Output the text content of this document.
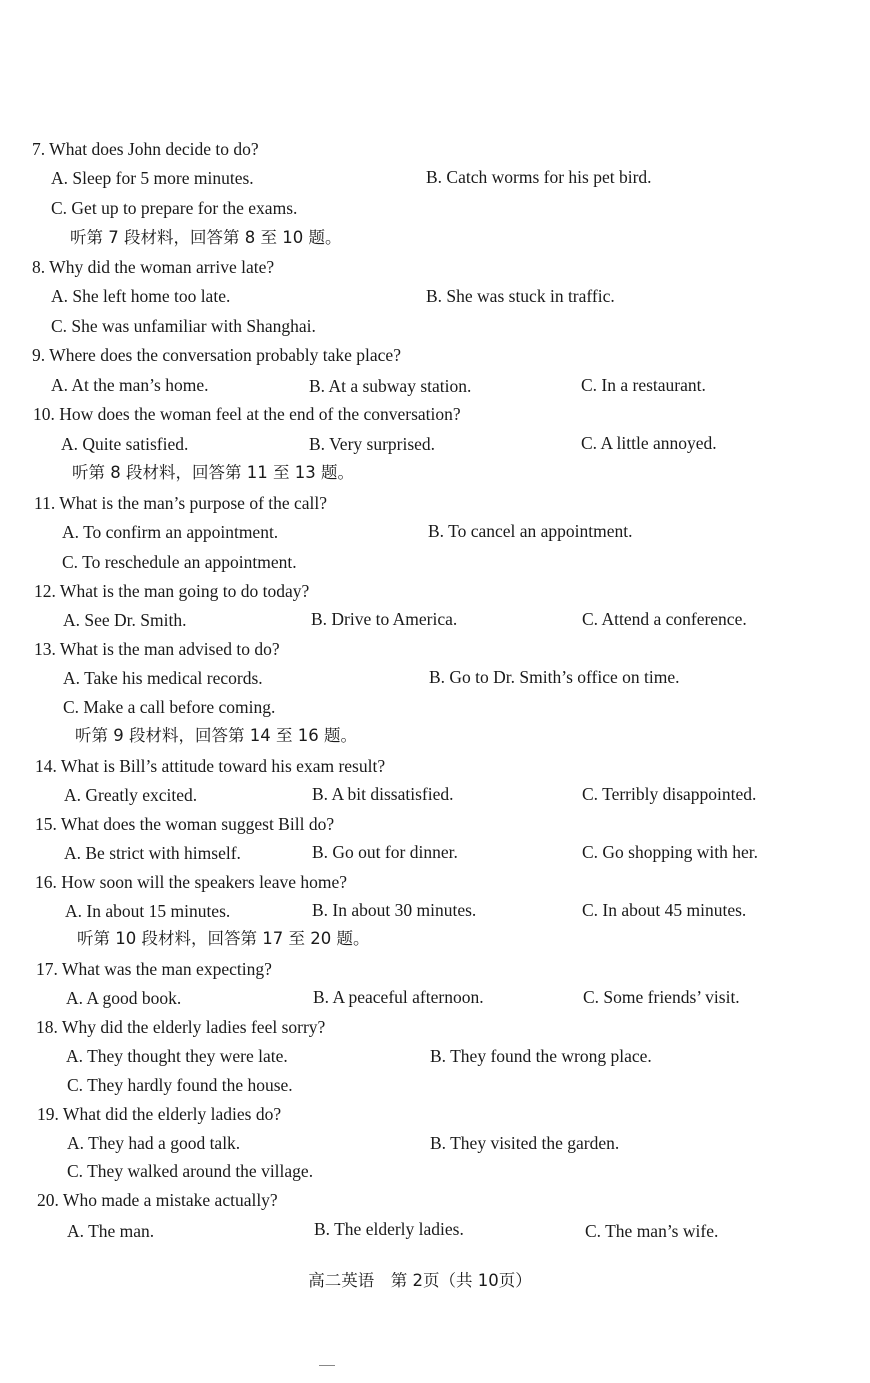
7. What does John decide to do?
A. Sleep for 5 more minutes.	B. Catch worms for his pet bird.
C. Get up to prepare for the exams.
听第 7 段材料，回答第 8 至 10 题。
8. Why did the woman arrive late?
A. She left home too late.	B. She was stuck in traffic.
C. She was unfamiliar with Shanghai.
9. Where does the conversation probably take place?
A. At the man’s home.	B. At a subway station.	C. In a restaurant.
10. How does the woman feel at the end of the conversation?
A. Quite satisfied.	B. Very surprised.	C. A little annoyed.
听第 8 段材料，回答第 11 至 13 题。
11. What is the man’s purpose of the call?
A. To confirm an appointment.	B. To cancel an appointment.
C. To reschedule an appointment.
12. What is the man going to do today?
A. See Dr. Smith.	B. Drive to America.	C. Attend a conference.
13. What is the man advised to do?
A. Take his medical records.	B. Go to Dr. Smith’s office on time.
C. Make a call before coming.
听第 9 段材料，回答第 14 至 16 题。
14. What is Bill’s attitude toward his exam result?
A. Greatly excited.	B. A bit dissatisfied.	C. Terribly disappointed.
15. What does the woman suggest Bill do?
A. Be strict with himself.	B. Go out for dinner.	C. Go shopping with her.
16. How soon will the speakers leave home?
A. In about 15 minutes.	B. In about 30 minutes.	C. In about 45 minutes.
听第 10 段材料，回答第 17 至 20 题。
17. What was the man expecting?
A. A good book.	B. A peaceful afternoon.	C. Some friends’ visit.
18. Why did the elderly ladies feel sorry?
A. They thought they were late.	B. They found the wrong place.
C. They hardly found the house.
19. What did the elderly ladies do?
A. They had a good talk.	B. They visited the garden.
C. They walked around the village.
20. Who made a mistake actually?
A. The man.	B. The elderly ladies.	C. The man’s wife.
高二英语　第 2页（共 10页）
